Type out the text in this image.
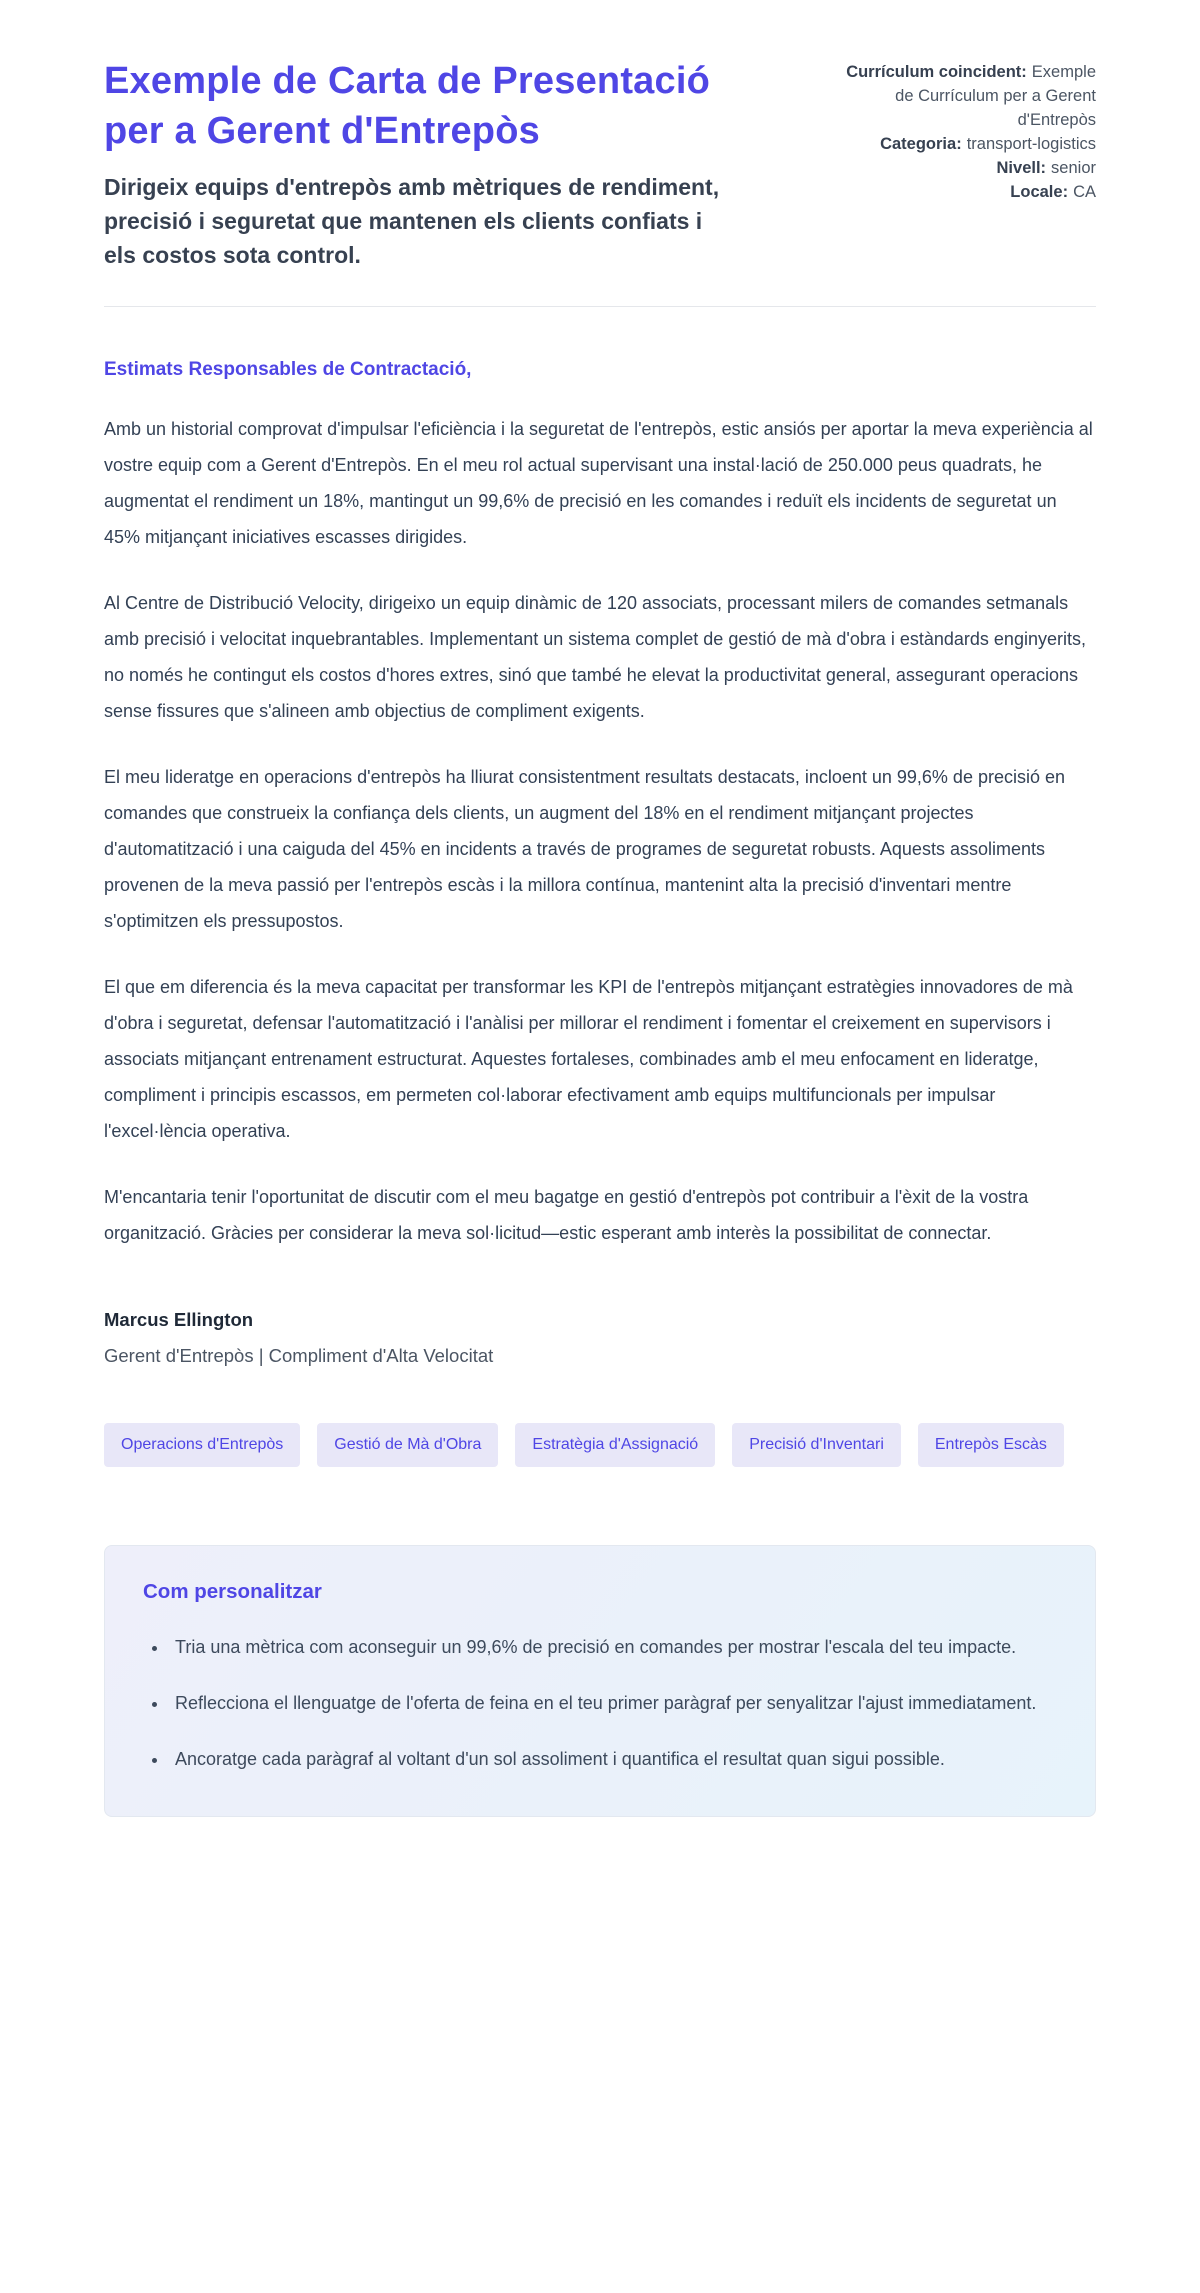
Exemple de Carta de Presentació per a Gerent d'Entrepòs

Dirigeix equips d'entrepòs amb mètriques de rendiment, precisió i seguretat que mantenen els clients confiats i els costos sota control.

Currículum coincident: Exemple de Currículum per a Gerent d'Entrepòs
Categoria: transport-logistics
Nivell: senior
Locale: CA

Estimats Responsables de Contractació,

Amb un historial comprovat d'impulsar l'eficiència i la seguretat de l'entrepòs, estic ansiós per aportar la meva experiència al vostre equip com a Gerent d'Entrepòs. En el meu rol actual supervisant una instal·lació de 250.000 peus quadrats, he augmentat el rendiment un 18%, mantingut un 99,6% de precisió en les comandes i reduït els incidents de seguretat un 45% mitjançant iniciatives escasses dirigides.

Al Centre de Distribució Velocity, dirigeixo un equip dinàmic de 120 associats, processant milers de comandes setmanals amb precisió i velocitat inquebrantables. Implementant un sistema complet de gestió de mà d'obra i estàndards enginyerits, no només he contingut els costos d'hores extres, sinó que també he elevat la productivitat general, assegurant operacions sense fissures que s'alineen amb objectius de compliment exigents.

El meu lideratge en operacions d'entrepòs ha lliurat consistentment resultats destacats, incloent un 99,6% de precisió en comandes que construeix la confiança dels clients, un augment del 18% en el rendiment mitjançant projectes d'automatització i una caiguda del 45% en incidents a través de programes de seguretat robusts. Aquests assoliments provenen de la meva passió per l'entrepòs escàs i la millora contínua, mantenint alta la precisió d'inventari mentre s'optimitzen els pressupostos.

El que em diferencia és la meva capacitat per transformar les KPI de l'entrepòs mitjançant estratègies innovadores de mà d'obra i seguretat, defensar l'automatització i l'anàlisi per millorar el rendiment i fomentar el creixement en supervisors i associats mitjançant entrenament estructurat. Aquestes fortaleses, combinades amb el meu enfocament en lideratge, compliment i principis escassos, em permeten col·laborar efectivament amb equips multifuncionals per impulsar l'excel·lència operativa.

M'encantaria tenir l'oportunitat de discutir com el meu bagatge en gestió d'entrepòs pot contribuir a l'èxit de la vostra organització. Gràcies per considerar la meva sol·licitud—estic esperant amb interès la possibilitat de connectar.

Marcus Ellington

Gerent d'Entrepòs | Compliment d'Alta Velocitat

Operacions d'Entrepòs	Gestió de Mà d'Obra	Estratègia d'Assignació	Precisió d'Inventari	Entrepòs Escàs
Com personalitzar
• Tria una mètrica com aconseguir un 99,6% de precisió en comandes per mostrar l'escala del teu impacte.
• Reflecciona el llenguatge de l'oferta de feina en el teu primer paràgraf per senyalitzar l'ajust immediatament.
• Ancoratge cada paràgraf al voltant d'un sol assoliment i quantifica el resultat quan sigui possible.
